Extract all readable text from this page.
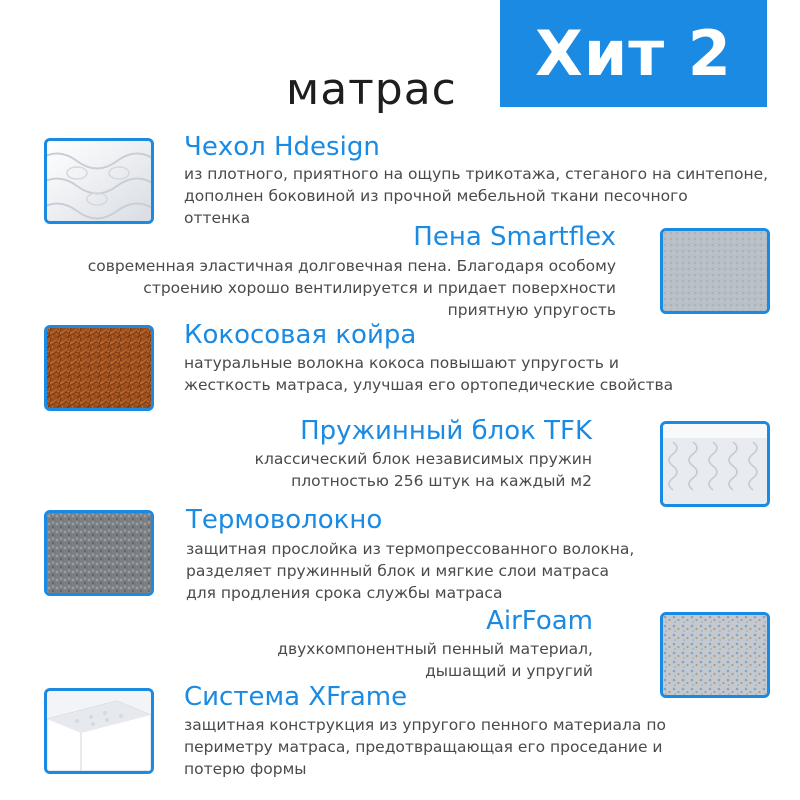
Хит 2
матрас
Чехол Hdesign
из плотного, приятного на ощупь трикотажа, стеганого на синтепоне,
дополнен боковиной из прочной мебельной ткани песочного
оттенка
Пена Smartflex
современная эластичная долговечная пена. Благодаря особому
строению хорошо вентилируется и придает поверхности
приятную упругость
Кокосовая койра
натуральные волокна кокоса повышают упругость и
жесткость матраса, улучшая его ортопедические свойства
Пружинный блок TFK
классический блок независимых пружин
плотностью 256 штук на каждый м2
Термоволокно
защитная прослойка из термопрессованного волокна,
разделяет пружинный блок и мягкие слои матраса
для продления срока службы матраса
AirFoam
двухкомпонентный пенный материал,
дышащий и упругий
Система XFrame
защитная конструкция из упругого пенного материала по
периметру матраса, предотвращающая его проседание и
потерю формы
